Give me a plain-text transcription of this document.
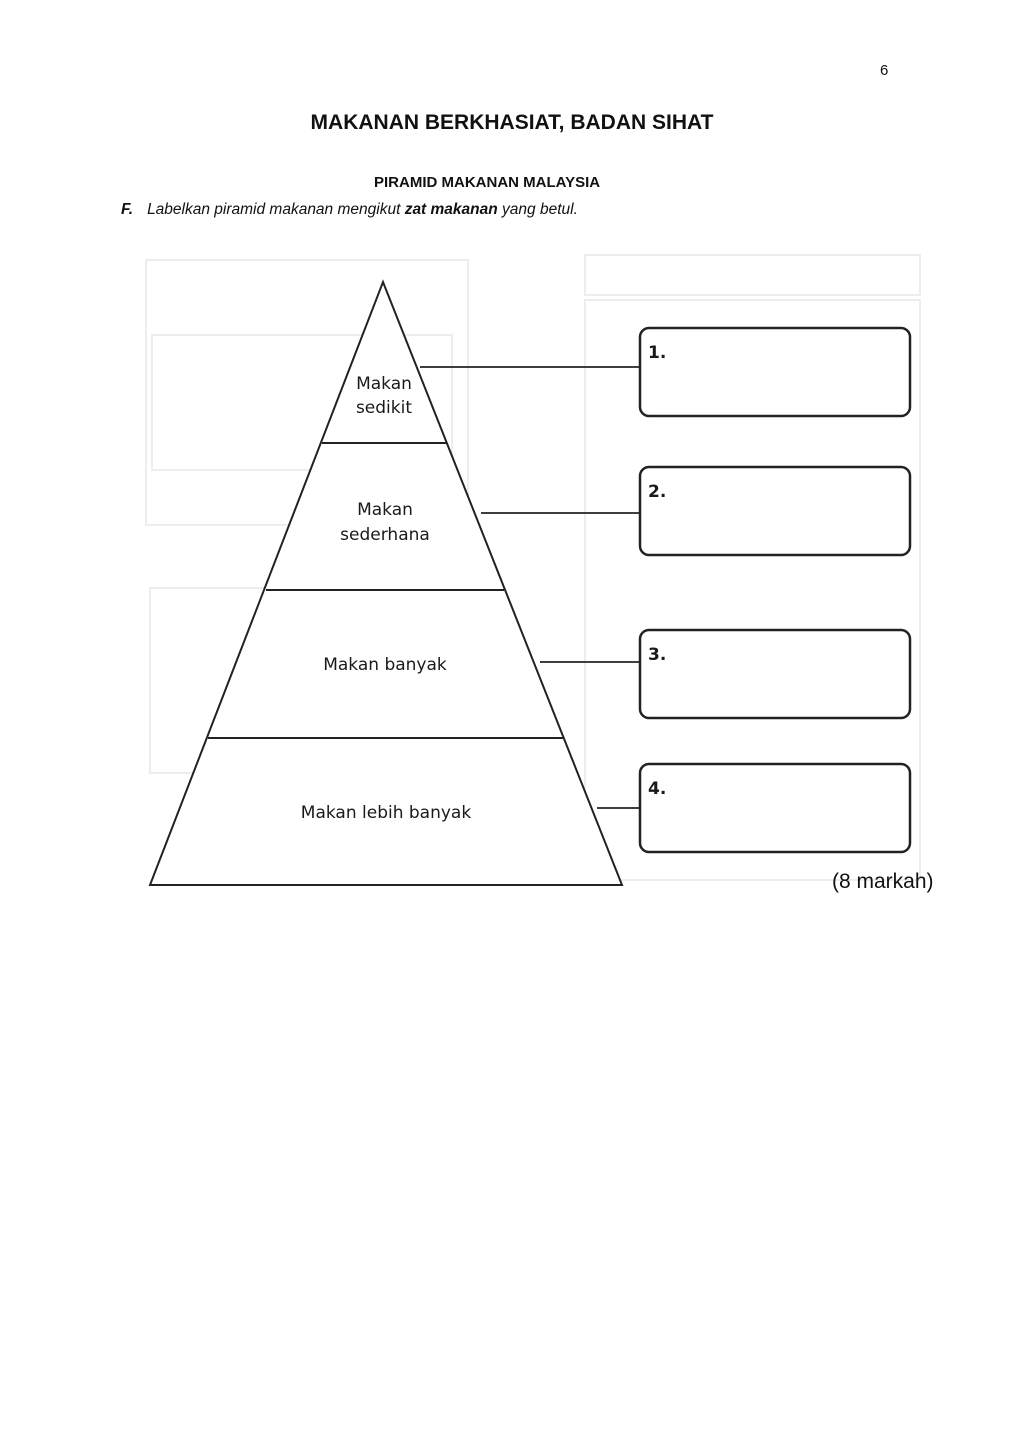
6
MAKANAN BERKHASIAT, BADAN SIHAT
PIRAMID MAKANAN MALAYSIA
F. Labelkan piramid makanan mengikut zat makanan yang betul.
Makan
sedikit
Makan
sederhana
Makan banyak
Makan lebih banyak
1.
2.
3.
4.
(8 markah)
